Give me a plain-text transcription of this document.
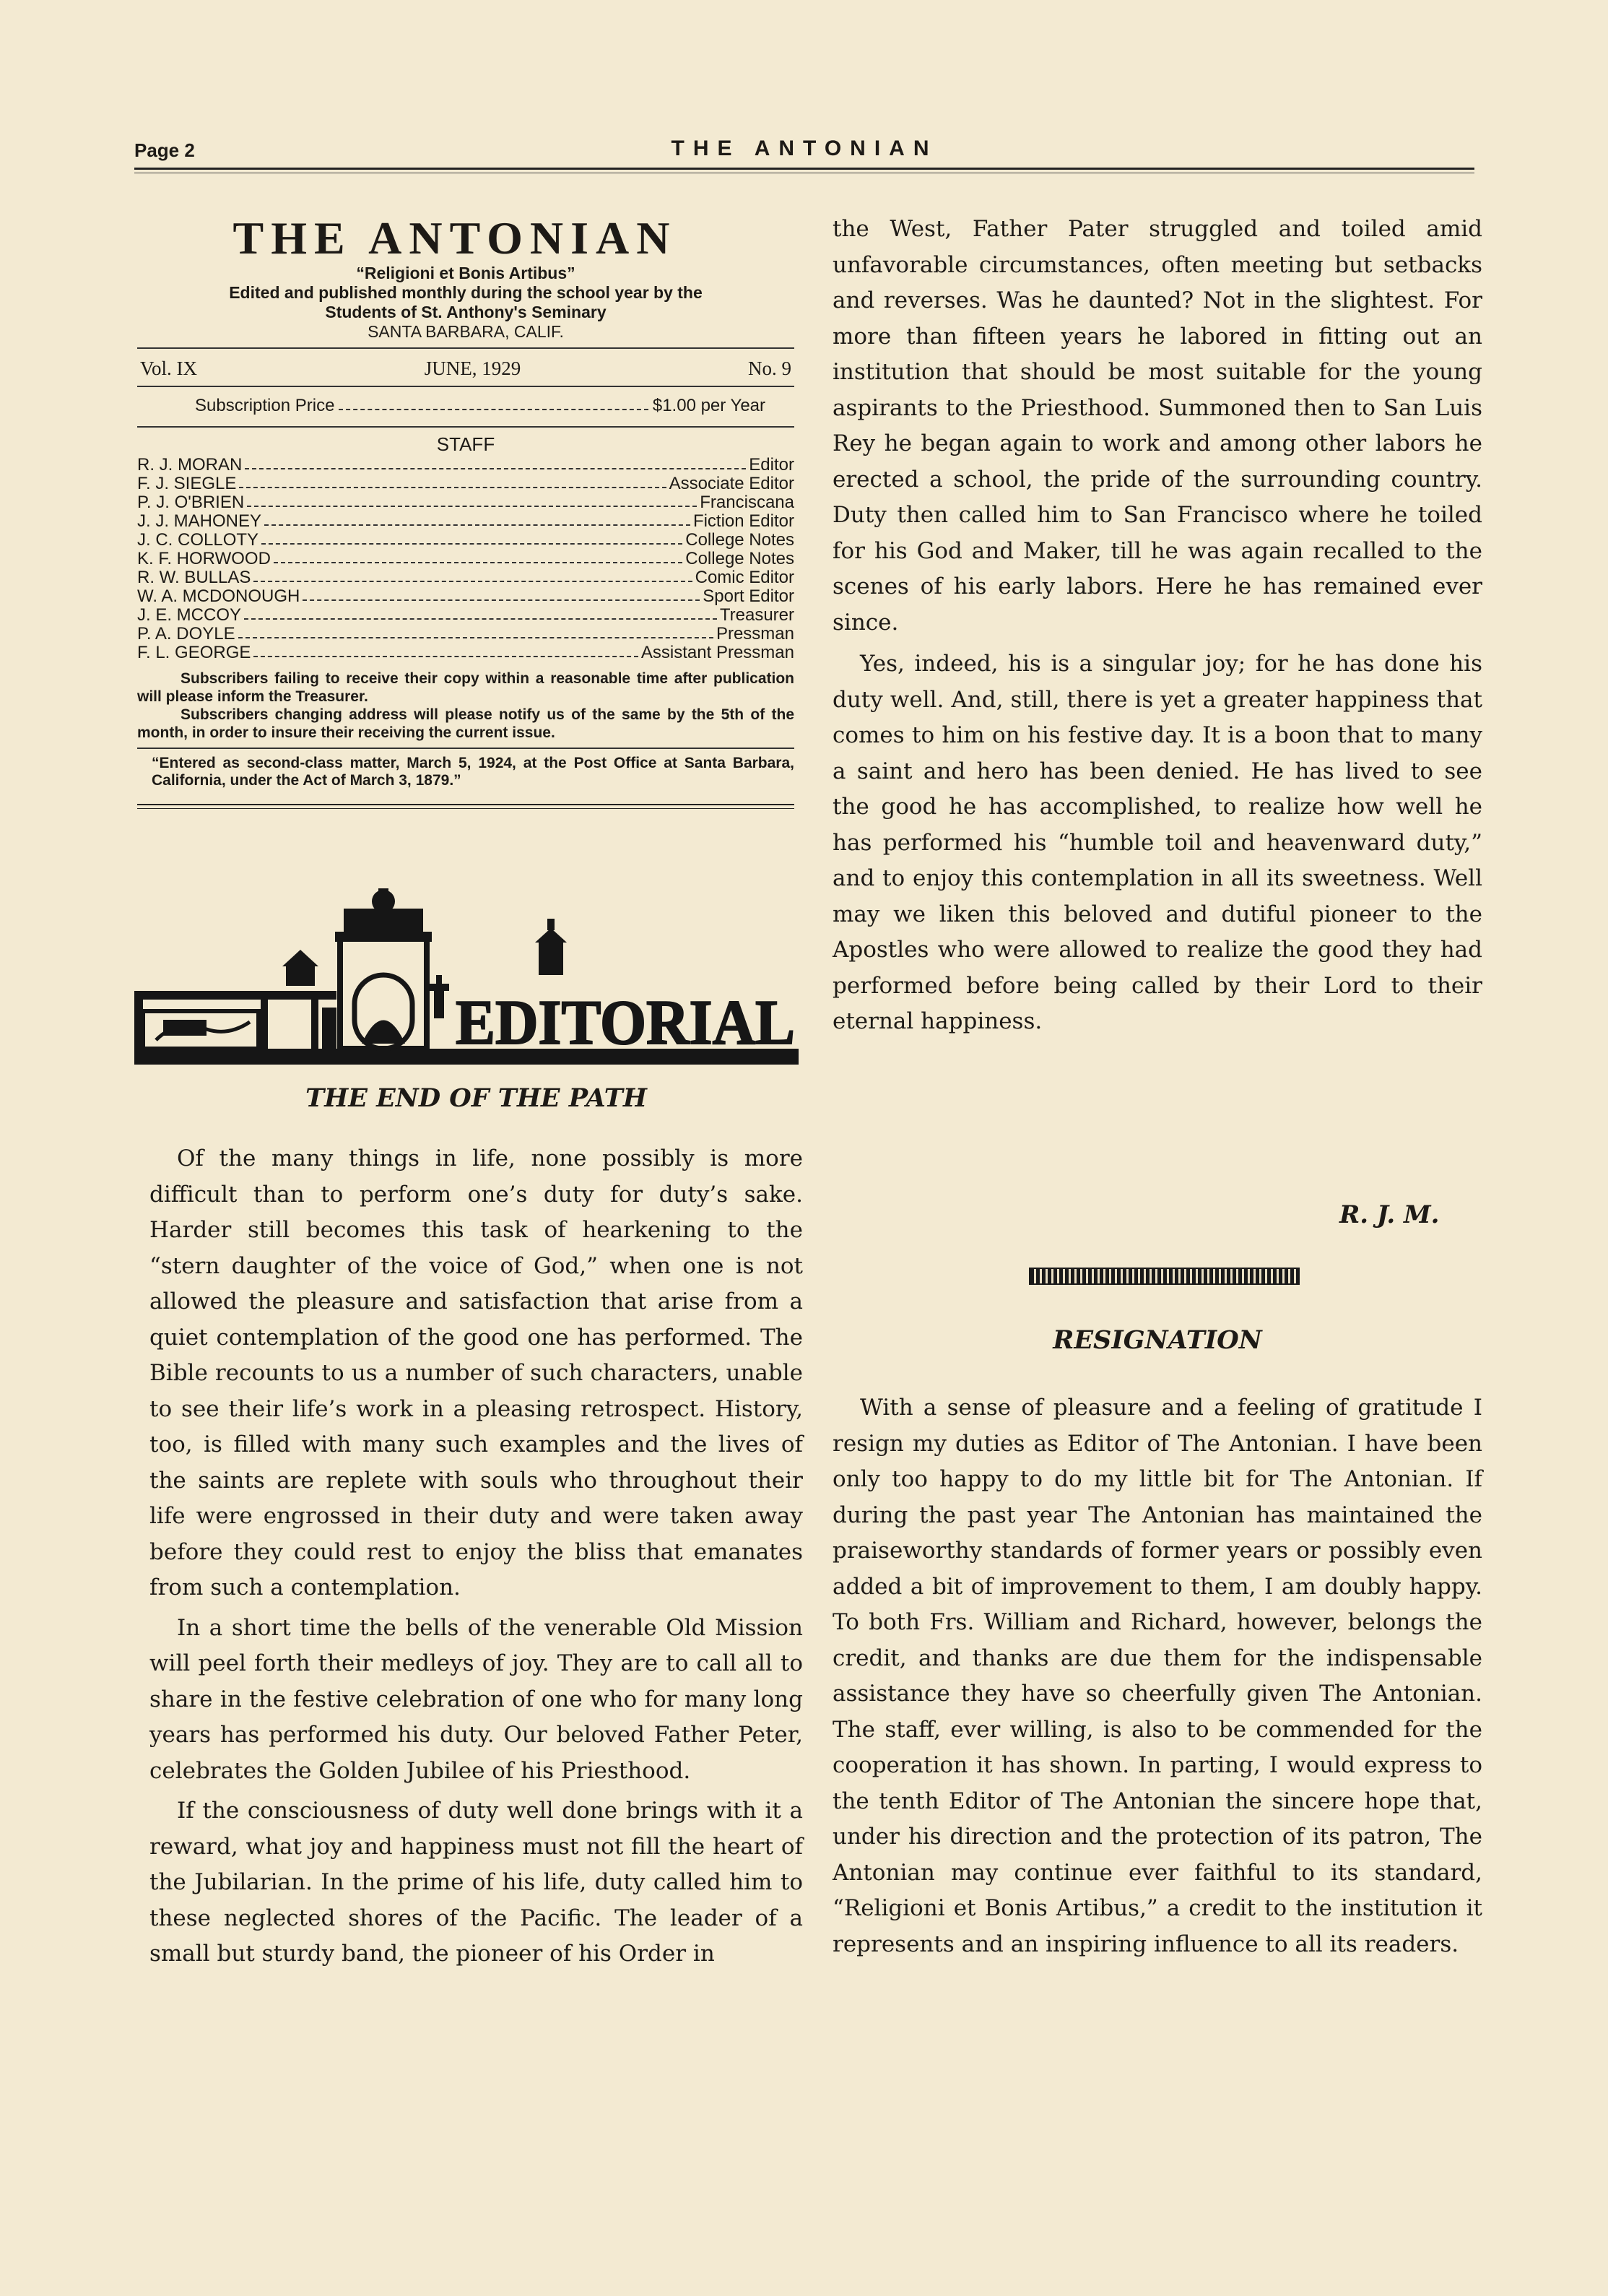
Page 2	THE ANTONIAN
THE ANTONIAN
“Religioni et Bonis Artibus”
Edited and published monthly during the school year by the
Students of St. Anthony's Seminary
SANTA BARBARA, CALIF.
Vol. IX	JUNE, 1929	No. 9
Subscription Price	$1.00 per Year
STAFF
R. J. MORAN	Editor
F. J. SIEGLE	Associate Editor
P. J. O'BRIEN	Franciscana
J. J. MAHONEY	Fiction Editor
J. C. COLLOTY	College Notes
K. F. HORWOOD	College Notes
R. W. BULLAS	Comic Editor
W. A. MCDONOUGH	Sport Editor
J. E. MCCOY	Treasurer
P. A. DOYLE	Pressman
F. L. GEORGE	Assistant Pressman

Subscribers failing to receive their copy within a reasonable time after publication will please inform the Treasurer.

Subscribers changing address will please notify us of the same by the 5th of the month, in order to insure their receiving the current issue.

“Entered as second-class matter, March 5, 1924, at the Post Office at Santa Barbara, California, under the Act of March 3, 1879.”
EDITORIAL
THE END OF THE PATH

Of the many things in life, none possibly is more difficult than to perform one’s duty for duty’s sake. Harder still becomes this task of hearkening to the “stern daughter of the voice of God,” when one is not allowed the pleasure and satisfaction that arise from a quiet contemplation of the good one has performed. The Bible recounts to us a number of such characters, unable to see their life’s work in a pleasing retrospect. History, too, is filled with many such examples and the lives of the saints are replete with souls who throughout their life were engrossed in their duty and were taken away before they could rest to enjoy the bliss that emanates from such a contemplation.

In a short time the bells of the venerable Old Mission will peel forth their medleys of joy. They are to call all to share in the festive celebration of one who for many long years has performed his duty. Our beloved Father Peter, celebrates the Golden Jubilee of his Priesthood.

If the consciousness of duty well done brings with it a reward, what joy and happiness must not fill the heart of the Jubilarian. In the prime of his life, duty called him to these neglected shores of the Pacific. The leader of a small but sturdy band, the pioneer of his Order in

the West, Father Pater struggled and toiled amid unfavorable circumstances, often meeting but setbacks and reverses. Was he daunted? Not in the slightest. For more than fifteen years he labored in fitting out an institution that should be most suitable for the young aspirants to the Priesthood. Summoned then to San Luis Rey he began again to work and among other labors he erected a school, the pride of the surrounding country. Duty then called him to San Francisco where he toiled for his God and Maker, till he was again recalled to the scenes of his early labors. Here he has remained ever since.

Yes, indeed, his is a singular joy; for he has done his duty well. And, still, there is yet a greater happiness that comes to him on his festive day. It is a boon that to many a saint and hero has been denied. He has lived to see the good he has accomplished, to realize how well he has performed his “humble toil and heavenward duty,” and to enjoy this contemplation in all its sweetness. Well may we liken this beloved and dutiful pioneer to the Apostles who were allowed to realize the good they had performed before being called by their Lord to their eternal happiness.

R. J. M.
RESIGNATION

With a sense of pleasure and a feeling of gratitude I resign my duties as Editor of The Antonian. I have been only too happy to do my little bit for The Antonian. If during the past year The Antonian has maintained the praiseworthy standards of former years or possibly even added a bit of improvement to them, I am doubly happy. To both Frs. William and Richard, however, belongs the credit, and thanks are due them for the indispensable assistance they have so cheerfully given The Antonian. The staff, ever willing, is also to be commended for the cooperation it has shown. In parting, I would express to the tenth Editor of The Antonian the sincere hope that, under his direction and the protection of its patron, The Antonian may continue ever faithful to its standard, “Religioni et Bonis Artibus,” a credit to the institution it represents and an inspiring influence to all its readers.
